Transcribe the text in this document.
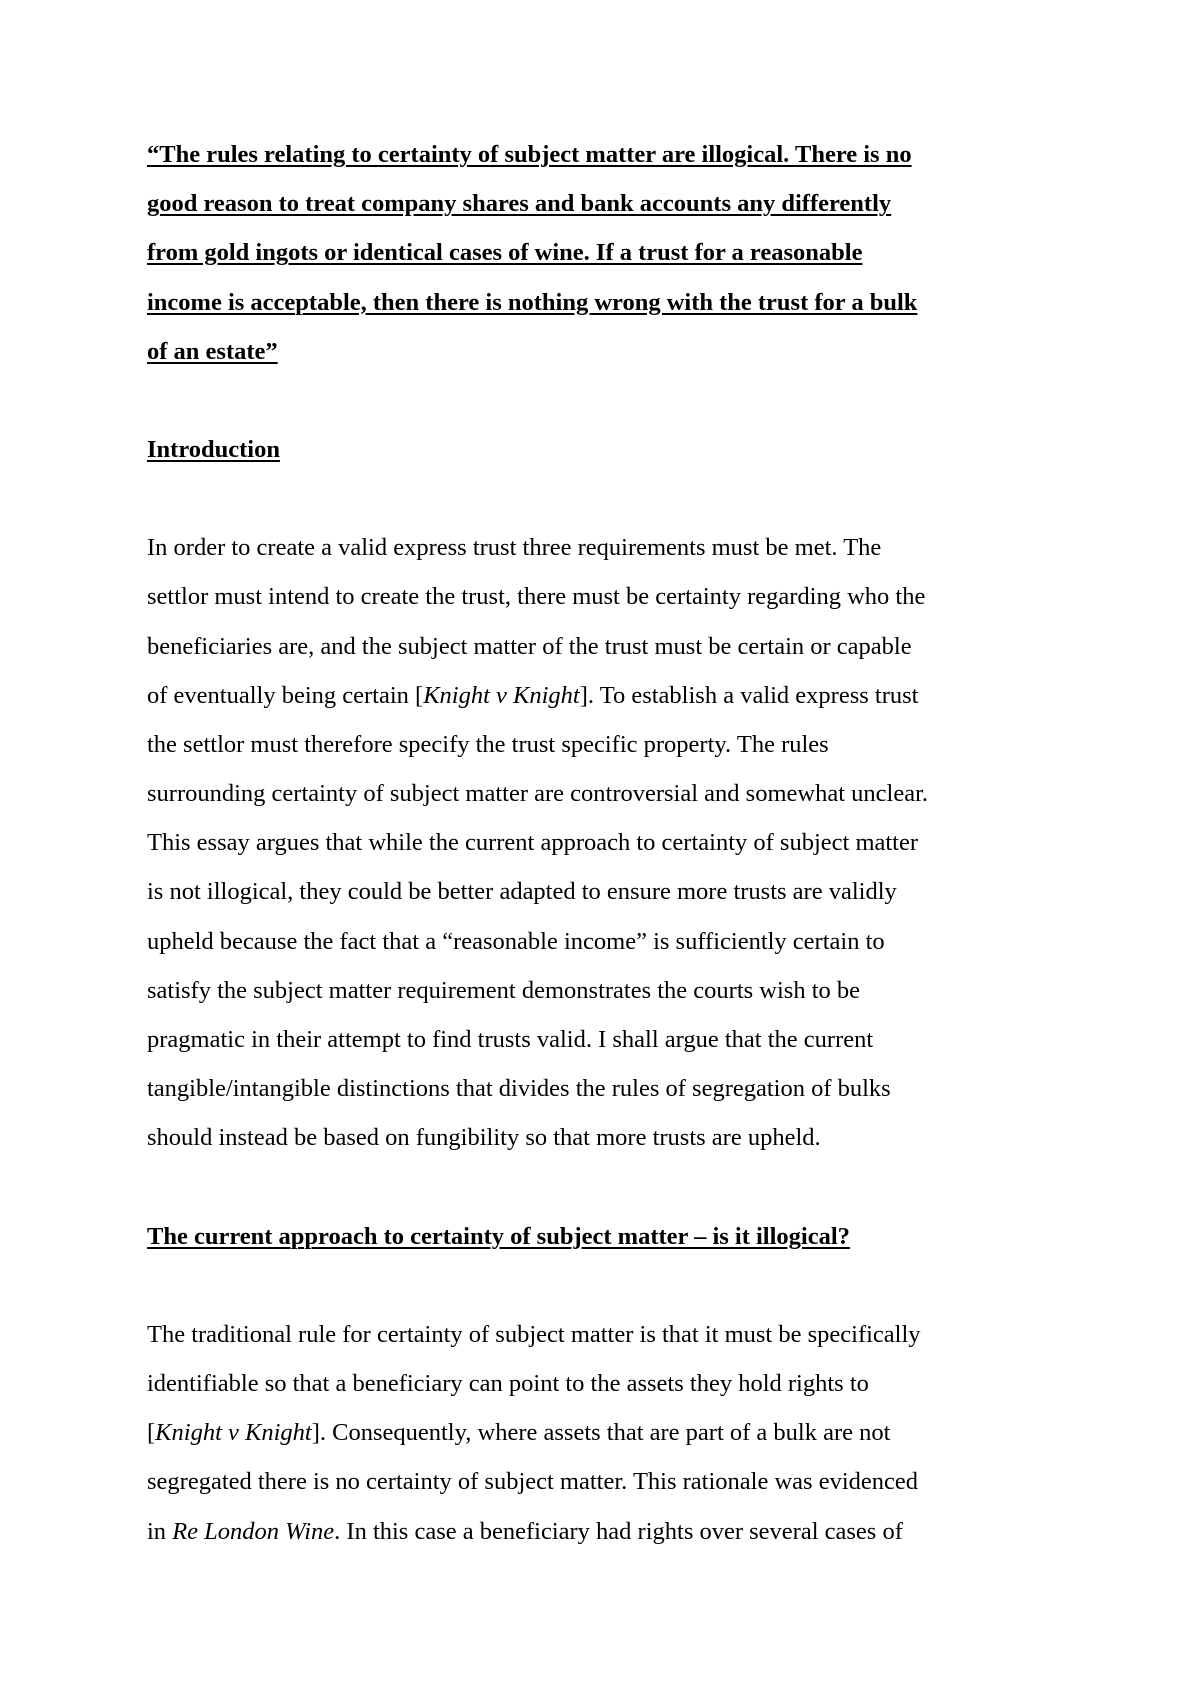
“The rules relating to certainty of subject matter are illogical. There is no
good reason to treat company shares and bank accounts any differently
from gold ingots or identical cases of wine. If a trust for a reasonable
income is acceptable, then there is nothing wrong with the trust for a bulk
of an estate”
Introduction
In order to create a valid express trust three requirements must be met. The
settlor must intend to create the trust, there must be certainty regarding who the
beneficiaries are, and the subject matter of the trust must be certain or capable
of eventually being certain [Knight v Knight]. To establish a valid express trust
the settlor must therefore specify the trust specific property. The rules
surrounding certainty of subject matter are controversial and somewhat unclear.
This essay argues that while the current approach to certainty of subject matter
is not illogical, they could be better adapted to ensure more trusts are validly
upheld because the fact that a “reasonable income” is sufficiently certain to
satisfy the subject matter requirement demonstrates the courts wish to be
pragmatic in their attempt to find trusts valid. I shall argue that the current
tangible/intangible distinctions that divides the rules of segregation of bulks
should instead be based on fungibility so that more trusts are upheld.
The current approach to certainty of subject matter – is it illogical?
The traditional rule for certainty of subject matter is that it must be specifically
identifiable so that a beneficiary can point to the assets they hold rights to
[Knight v Knight]. Consequently, where assets that are part of a bulk are not
segregated there is no certainty of subject matter. This rationale was evidenced
in Re London Wine. In this case a beneficiary had rights over several cases of
